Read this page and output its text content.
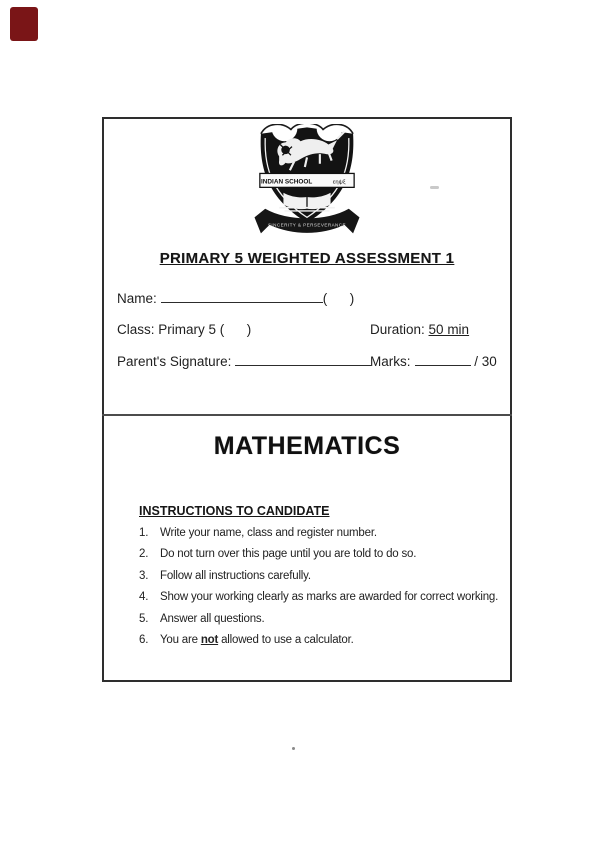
INDIAN SCHOOL	εηψξ
SINCERITY & PERSEVERANCE
PRIMARY 5 WEIGHTED ASSESSMENT 1
Name:	(      )
Class: Primary 5 (      )	Duration: 50 min
Parent's Signature:	Marks:	/ 30
MATHEMATICS
INSTRUCTIONS TO CANDIDATE
1.	Write your name, class and register number.
2.	Do not turn over this page until you are told to do so.
3.	Follow all instructions carefully.
4.	Show your working clearly as marks are awarded for correct working.
5.	Answer all questions.
6.	You are not allowed to use a calculator.
